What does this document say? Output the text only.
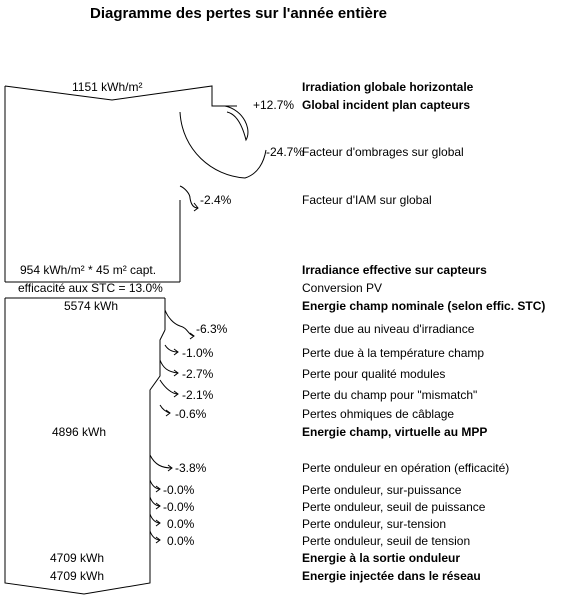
Diagramme des pertes sur l'année entière
1151 kWh/m²
+12.7%
-24.7%
-2.4%
954 kWh/m² * 45 m² capt.
efficacité aux STC = 13.0%
5574 kWh
-6.3%
-1.0%
-2.7%
-2.1%
-0.6%
4896 kWh
-3.8%
-0.0%
-0.0%
0.0%
0.0%
4709 kWh
4709 kWh
Irradiation globale horizontale
Global incident plan capteurs
Facteur d'ombrages sur global
Facteur d'IAM sur global
Irradiance effective sur capteurs
Conversion PV
Energie champ nominale (selon effic. STC)
Perte due au niveau d'irradiance
Perte due à la température champ
Perte pour qualité modules
Perte du champ pour "mismatch"
Pertes ohmiques de câblage
Energie champ, virtuelle au MPP
Perte onduleur en opération (efficacité)
Perte onduleur, sur-puissance
Perte onduleur, seuil de puissance
Perte onduleur, sur-tension
Perte onduleur, seuil de tension
Energie à la sortie onduleur
Energie injectée dans le réseau
